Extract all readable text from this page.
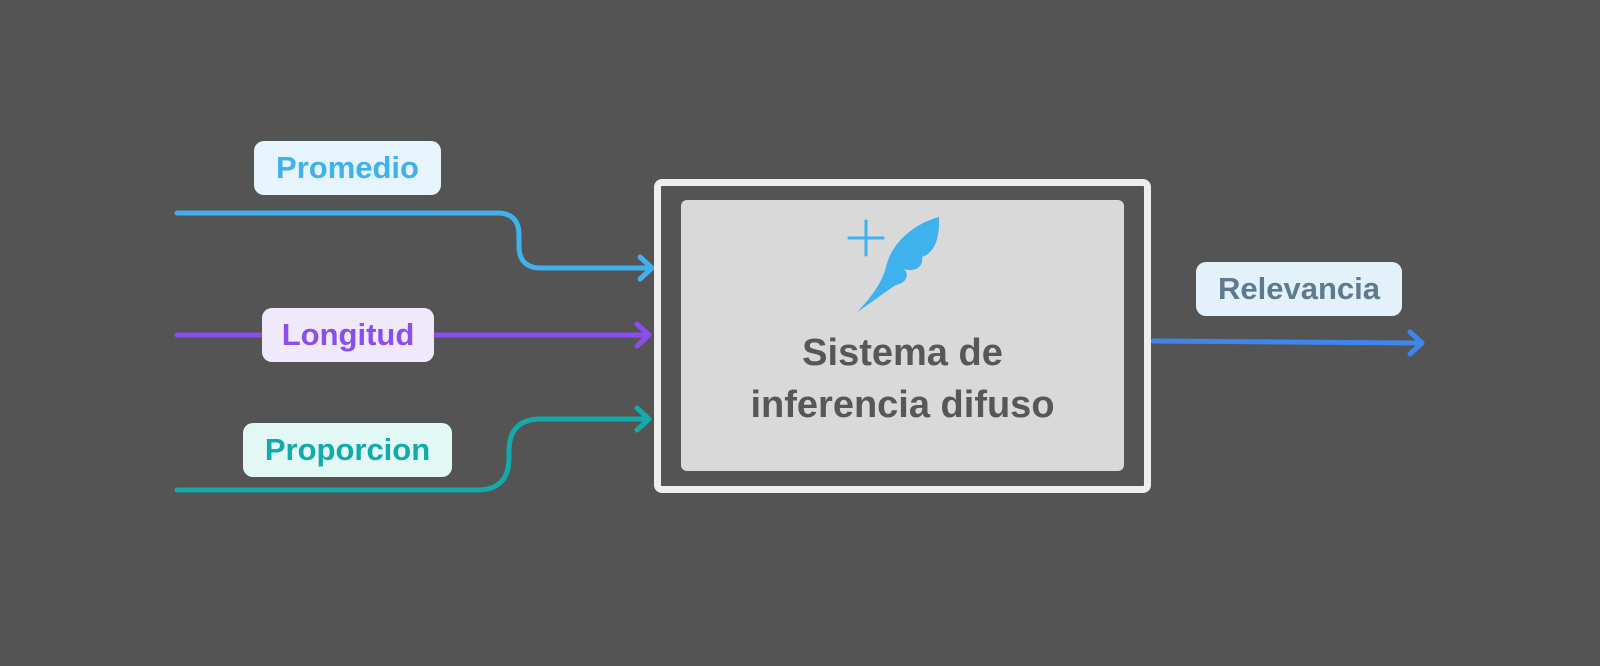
Promedio
Longitud
Proporcion
Relevancia
Sistema de
inferencia difuso
